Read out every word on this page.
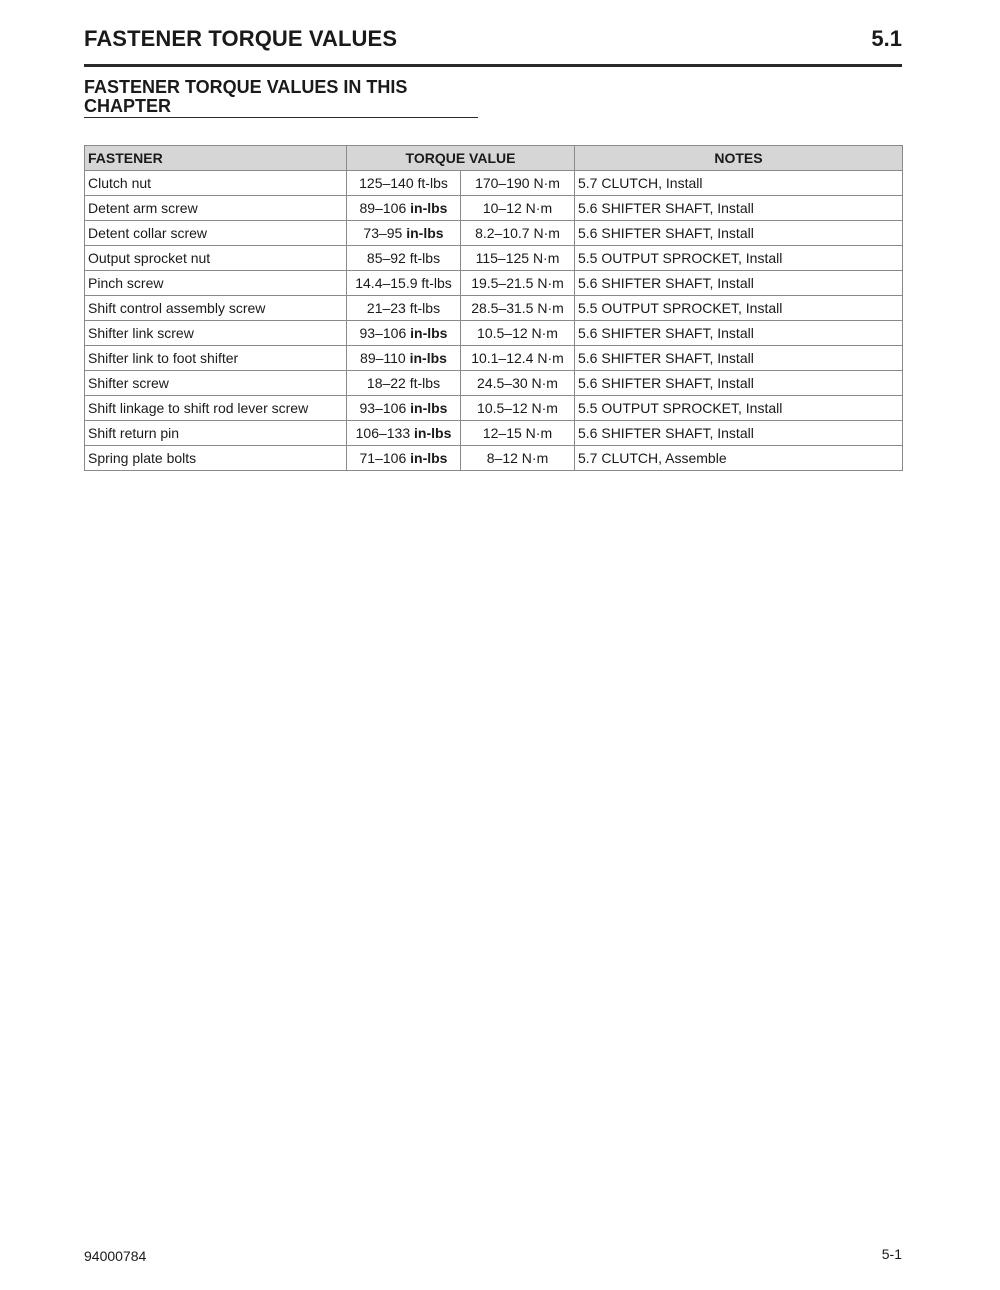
FASTENER TORQUE VALUES	5.1
FASTENER TORQUE VALUES IN THIS
CHAPTER
FASTENER	TORQUE VALUE		NOTES
Clutch nut	125–140 ft-lbs	170–190 N·m	5.7 CLUTCH, Install
Detent arm screw	89–106 in-lbs	10–12 N·m	5.6 SHIFTER SHAFT, Install
Detent collar screw	73–95 in-lbs	8.2–10.7 N·m	5.6 SHIFTER SHAFT, Install
Output sprocket nut	85–92 ft-lbs	115–125 N·m	5.5 OUTPUT SPROCKET, Install
Pinch screw	14.4–15.9 ft-lbs	19.5–21.5 N·m	5.6 SHIFTER SHAFT, Install
Shift control assembly screw	21–23 ft-lbs	28.5–31.5 N·m	5.5 OUTPUT SPROCKET, Install
Shifter link screw	93–106 in-lbs	10.5–12 N·m	5.6 SHIFTER SHAFT, Install
Shifter link to foot shifter	89–110 in-lbs	10.1–12.4 N·m	5.6 SHIFTER SHAFT, Install
Shifter screw	18–22 ft-lbs	24.5–30 N·m	5.6 SHIFTER SHAFT, Install
Shift linkage to shift rod lever screw	93–106 in-lbs	10.5–12 N·m	5.5 OUTPUT SPROCKET, Install
Shift return pin	106–133 in-lbs	12–15 N·m	5.6 SHIFTER SHAFT, Install
Spring plate bolts	71–106 in-lbs	8–12 N·m	5.7 CLUTCH, Assemble
94000784	5-1
